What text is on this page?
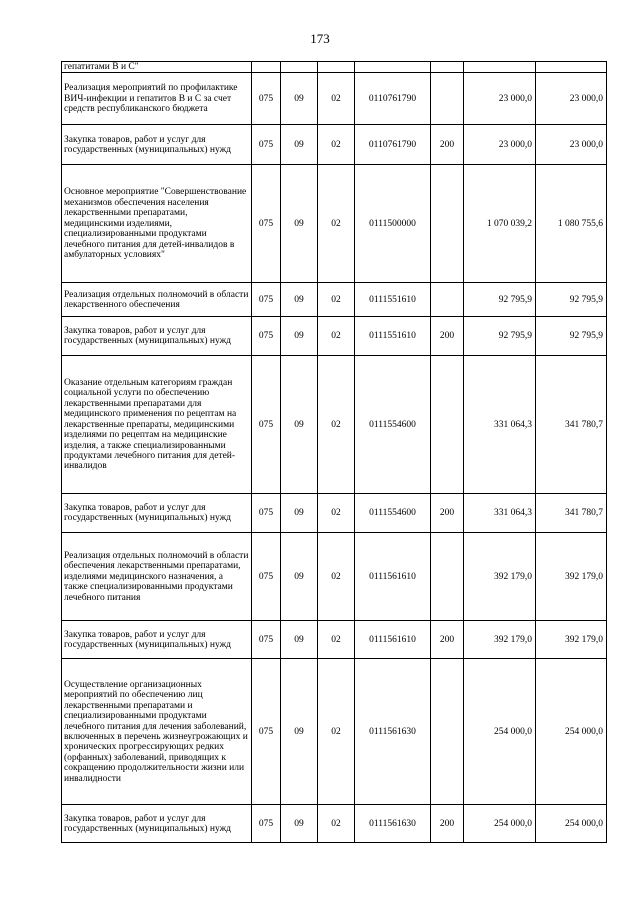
173
гепатитами В и С"							
Реализация мероприятий по профилактике ВИЧ-инфекции и гепатитов В и С за счет средств республиканского бюджета	075	09	02	0110761790		23 000,0	23 000,0
Закупка товаров, работ и услуг для государственных (муниципальных) нужд	075	09	02	0110761790	200	23 000,0	23 000,0
Основное мероприятие "Совершенствование механизмов обеспечения населения лекарственными препаратами, медицинскими изделиями, специализированными продуктами лечебного питания для детей-инвалидов в амбулаторных условиях"	075	09	02	0111500000		1 070 039,2	1 080 755,6
Реализация отдельных полномочий в области лекарственного обеспечения	075	09	02	0111551610		92 795,9	92 795,9
Закупка товаров, работ и услуг для государственных (муниципальных) нужд	075	09	02	0111551610	200	92 795,9	92 795,9
Оказание отдельным категориям граждан социальной услуги по обеспечению лекарственными препаратами для медицинского применения по рецептам на лекарственные препараты, медицинскими изделиями по рецептам на медицинские изделия, а также специализированными продуктами лечебного питания для детей-инвалидов	075	09	02	0111554600		331 064,3	341 780,7
Закупка товаров, работ и услуг для государственных (муниципальных) нужд	075	09	02	0111554600	200	331 064,3	341 780,7
Реализация отдельных полномочий в области обеспечения лекарственными препаратами, изделиями медицинского назначения, а также специализированными продуктами лечебного питания	075	09	02	0111561610		392 179,0	392 179,0
Закупка товаров, работ и услуг для государственных (муниципальных) нужд	075	09	02	0111561610	200	392 179,0	392 179,0
Осуществление организационных мероприятий по обеспечению лиц лекарственными препаратами и специализированными продуктами лечебного питания для лечения заболеваний, включенных в перечень жизнеугрожающих и хронических прогрессирующих редких (орфанных) заболеваний, приводящих к сокращению продолжительности жизни или инвалидности	075	09	02	0111561630		254 000,0	254 000,0
Закупка товаров, работ и услуг для государственных (муниципальных) нужд	075	09	02	0111561630	200	254 000,0	254 000,0
